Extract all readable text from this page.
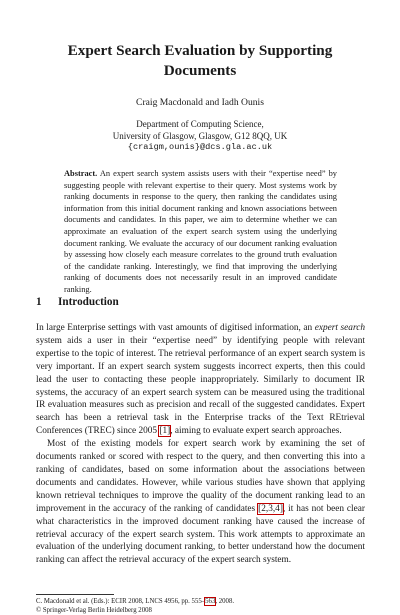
Expert Search Evaluation by Supporting
Documents
Craig Macdonald and Iadh Ounis
Department of Computing Science,
University of Glasgow, Glasgow, G12 8QQ, UK
{craigm,ounis}@dcs.gla.ac.uk
Abstract. An expert search system assists users with their “expertise need” by suggesting people with relevant expertise to their query. Most systems work by ranking documents in response to the query, then ranking the candidates using information from this initial document ranking and known associations between documents and candidates. In this paper, we aim to determine whether we can approximate an evaluation of the expert search system using the underlying document ranking. We evaluate the accuracy of our document ranking evaluation by assessing how closely each measure correlates to the ground truth evaluation of the candidate ranking. Interestingly, we find that improving the underlying ranking of documents does not necessarily result in an improved candidate ranking.
1 Introduction

In large Enterprise settings with vast amounts of digitised information, an expert search system aids a user in their “expertise need” by identifying people with relevant expertise to the topic of interest. The retrieval performance of an expert search system is very important. If an expert search system suggests incorrect experts, then this could lead the user to contacting these people inappropriately. Similarly to document IR systems, the accuracy of an expert search system can be measured using the traditional IR evaluation measures such as precision and recall of the suggested candidates. Expert search has been a retrieval task in the Enterprise tracks of the Text REtrieval Conferences (TREC) since 2005 [1], aiming to evaluate expert search approaches.

Most of the existing models for expert search work by examining the set of documents ranked or scored with respect to the query, and then converting this into a ranking of candidates, based on some information about the associations between documents and candidates. However, while various studies have shown that applying known retrieval techniques to improve the quality of the document ranking lead to an improvement in the accuracy of the ranking of candidates [2,3,4], it has not been clear what characteristics in the improved document ranking have caused the increase of retrieval accuracy of the expert search system. This work attempts to approximate an evaluation of the underlying document ranking, to better understand how the document ranking can affect the retrieval accuracy of the expert search system.

C. Macdonald et al. (Eds.): ECIR 2008, LNCS 4956, pp. 555–563, 2008.
© Springer-Verlag Berlin Heidelberg 2008
